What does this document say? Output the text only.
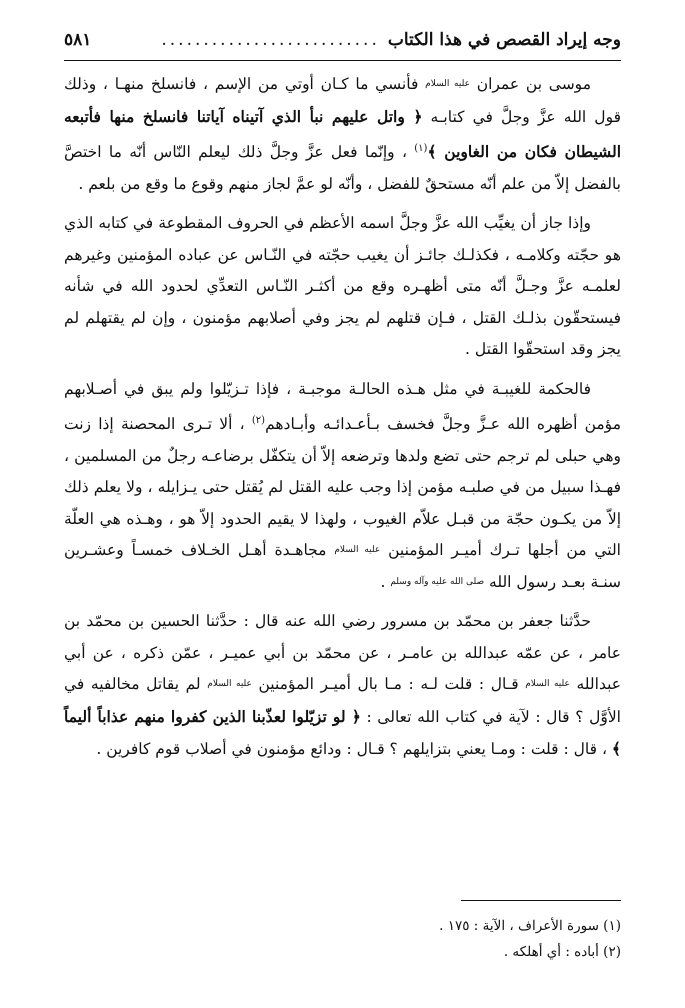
وجه إيراد القصص في هذا الكتاب
..........................
٥٨١

موسى بن عمران $^{عليه السلام}$ فأنسي ما كـان أوتي من الإسم ، فانسلخ منهـا ، وذلك قول الله عزَّ وجلَّ في كتابـه ﴿ واتل عليهم نبأ الذي آتيناه آياتنا فانسلخ منها فأتبعه الشيطان فكان من الغاوين ﴾$^{(١)}$ ، وإنّما فعل عزَّ وجلَّ ذلك ليعلم النّاس أنّه ما اختصَّ بالفضل إلاّ من علم أنّه مستحقٌ للفضل ، وأنّه لو عمَّ لجاز منهم وقوع ما وقع من بلعم .

وإذا جاز أن يغيِّب الله عزَّ وجلَّ اسمه الأعظم في الحروف المقطوعة في كتابه الذي هو حجّته وكلامـه ، فكذلـك جائـز أن يغيب حجّته في النّـاس عن عباده المؤمنين وغيرهم لعلمـه عزَّ وجـلَّ أنّه متى أظهـره وقع من أكثـر النّـاس التعدِّي لحدود الله في شأنه فيستحقّون بذلـك القتل ، فـإن قتلهم لم يجز وفي أصلابهم مؤمنون ، وإن لم يقتهلم لم يجز وقد استحقّوا القتل .

فالحكمة للغيبـة في مثل هـذه الحالـة موجبـة ، فإذا تـزيّلوا ولم يبق في أصـلابهم مؤمن أظهره الله عـزَّ وجلَّ فخسف بـأعـدائـه وأبـادهم$^{(٢)}$ ، ألا تـرى المحصنة إذا زنت وهي حبلى لم ترجم حتى تضع ولدها وترضعه إلاّ أن يتكفّل برضاعـه رجلٌ من المسلمين ، فهـذا سبيل من في صلبـه مؤمن إذا وجب عليه القتل لم يُقتل حتى يـزايله ، ولا يعلم ذلك إلاّ من يكـون حجّة من قبـل علاّم الغيوب ، ولهذا لا يقيم الحدود إلاّ هو ، وهـذه هي العلّة التي من أجلها تـرك أميـر المؤمنين $^{عليه السلام}$ مجاهـدة أهـل الخـلاف خمسـاً وعشـرين سنـة بعـد رسول الله $^{صلى الله عليه وآله وسلم}$ .

حدَّثنا جعفر بن محمّد بن مسرور رضي الله عنه قال : حدَّثنا الحسين بن محمّد بن عامر ، عن عمّه عبدالله بن عامـر ، عن محمّد بن أبي عميـر ، عمّن ذكره ، عن أبي عبدالله $^{عليه السلام}$ قـال : قلت لـه : مـا بال أميـر المؤمنين $^{عليه السلام}$ لم يقاتل مخالفيه في الأوَّل ؟ قال : لآية في كتاب الله تعالى : ﴿ لو تزيّلوا لعذّبنا الذين كفروا منهم عذاباً أليماً ﴾ ، قال : قلت : ومـا يعني بتزايلهم ؟ قـال : ودائع مؤمنون في أصلاب قوم كافرين .

(١) سورة الأعراف ، الآية : ١٧٥ .
(٢) أباده : أي أهلكه .
